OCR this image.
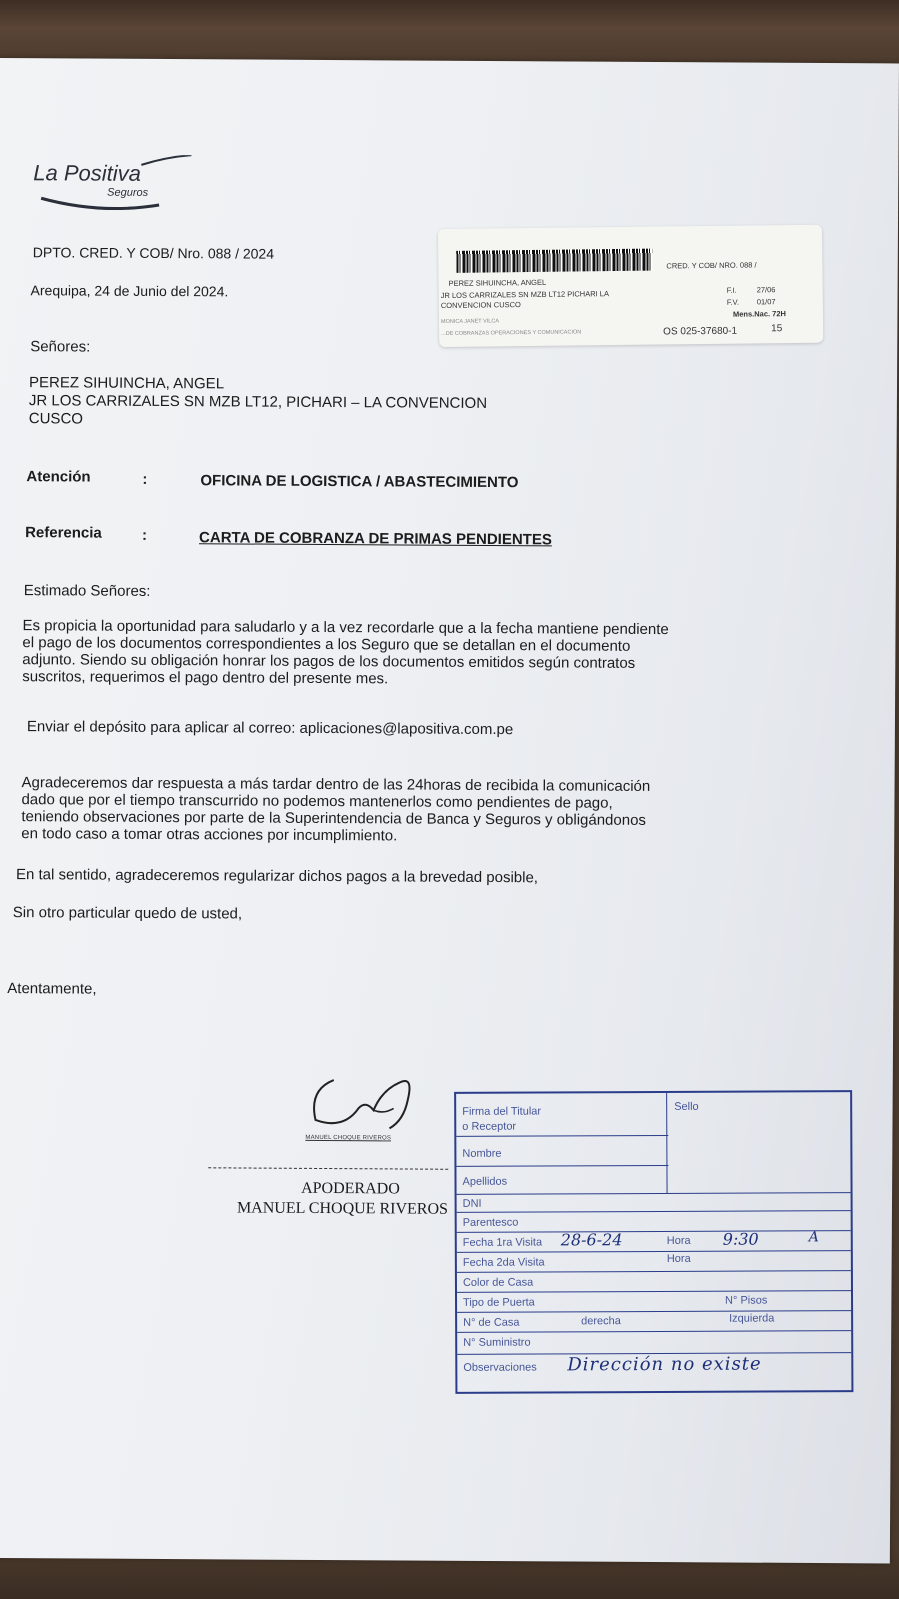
La Positiva
Seguros
DPTO. CRED. Y COB/ Nro. 088 / 2024
Arequipa, 24 de Junio del 2024.
CRED. Y COB/ NRO. 088 /
PEREZ SIHUINCHA, ANGEL
JR LOS CARRIZALES SN MZB LT12 PICHARI LA
CONVENCION CUSCO
F.I.	27/06
F.V. 01/07
Mens.Nac. 72H
MONICA JANET VILCA
...DE COBRANZAS OPERACIONES Y COMUNICACION	OS 025-37680-1	15
Señores:
PEREZ SIHUINCHA, ANGEL
JR LOS CARRIZALES SN MZB LT12, PICHARI – LA CONVENCION
CUSCO
Atención	:	OFICINA DE LOGISTICA / ABASTECIMIENTO
Referencia	:	CARTA DE COBRANZA DE PRIMAS PENDIENTES
Estimado Señores:
Es propicia la oportunidad para saludarlo y a la vez recordarle que a la fecha mantiene pendiente
el pago de los documentos correspondientes a los Seguro que se detallan en el documento
adjunto. Siendo su obligación honrar los pagos de los documentos emitidos según contratos
suscritos, requerimos el pago dentro del presente mes.
Enviar el depósito para aplicar al correo: aplicaciones@lapositiva.com.pe
Agradeceremos dar respuesta a más tardar dentro de las 24horas de recibida la comunicación
dado que por el tiempo transcurrido no podemos mantenerlos como pendientes de pago,
teniendo observaciones por parte de la Superintendencia de Banca y Seguros y obligándonos
en todo caso a tomar otras acciones por incumplimiento.
En tal sentido, agradeceremos regularizar dichos pagos a la brevedad posible,
Sin otro particular quedo de usted,
Atentamente,
MANUEL CHOQUE RIVEROS
APODERADO
MANUEL CHOQUE RIVEROS
Firma del Titular
o Receptor
Sello
Nombre
Apellidos
DNI
Parentesco
Fecha 1ra Visita 28-6-24	Hora 9:30	A
Fecha 2da Visita	Hora
Color de Casa
Tipo de Puerta	N° Pisos
N° de Casa	derecha	Izquierda
N° Suministro
Observaciones Dirección no existe
